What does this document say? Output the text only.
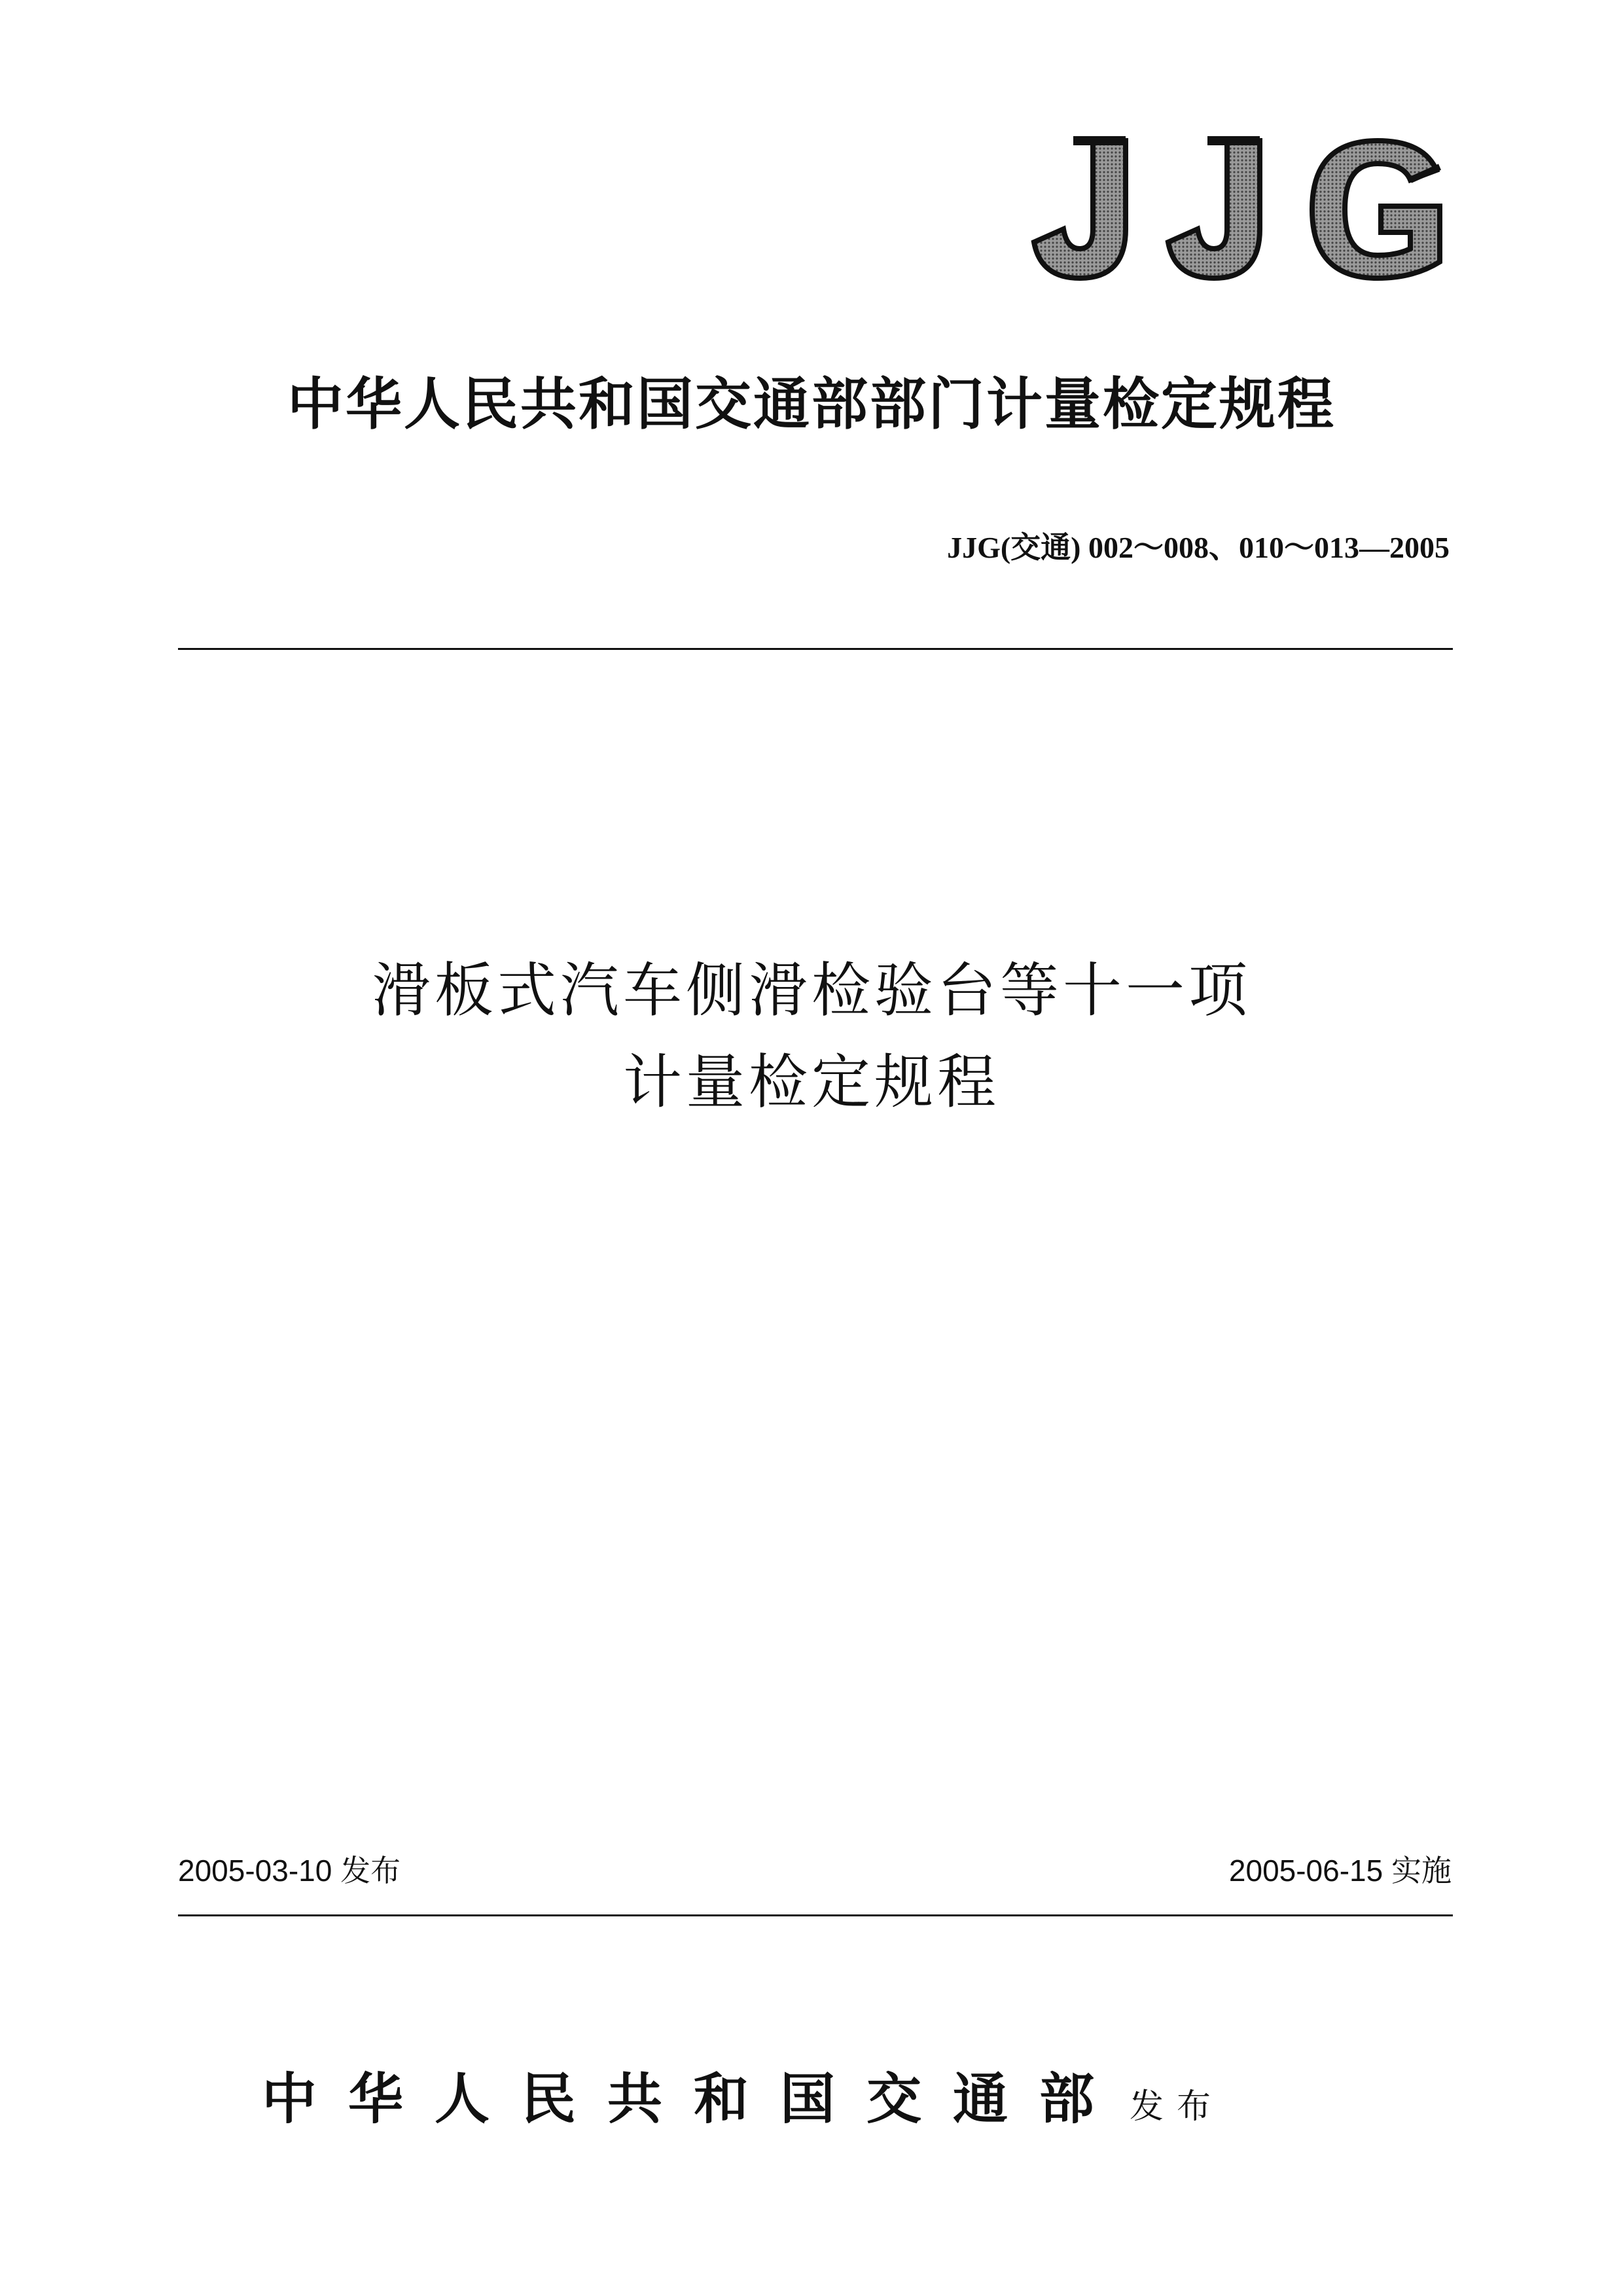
中华人民共和国交通部部门计量检定规程
JJG(交通) 002～008、010～013—2005
滑板式汽车侧滑检验台等十一项
计量检定规程
2005-03-10 发布	2005-06-15 实施
中华人民共和国交通部 发布
